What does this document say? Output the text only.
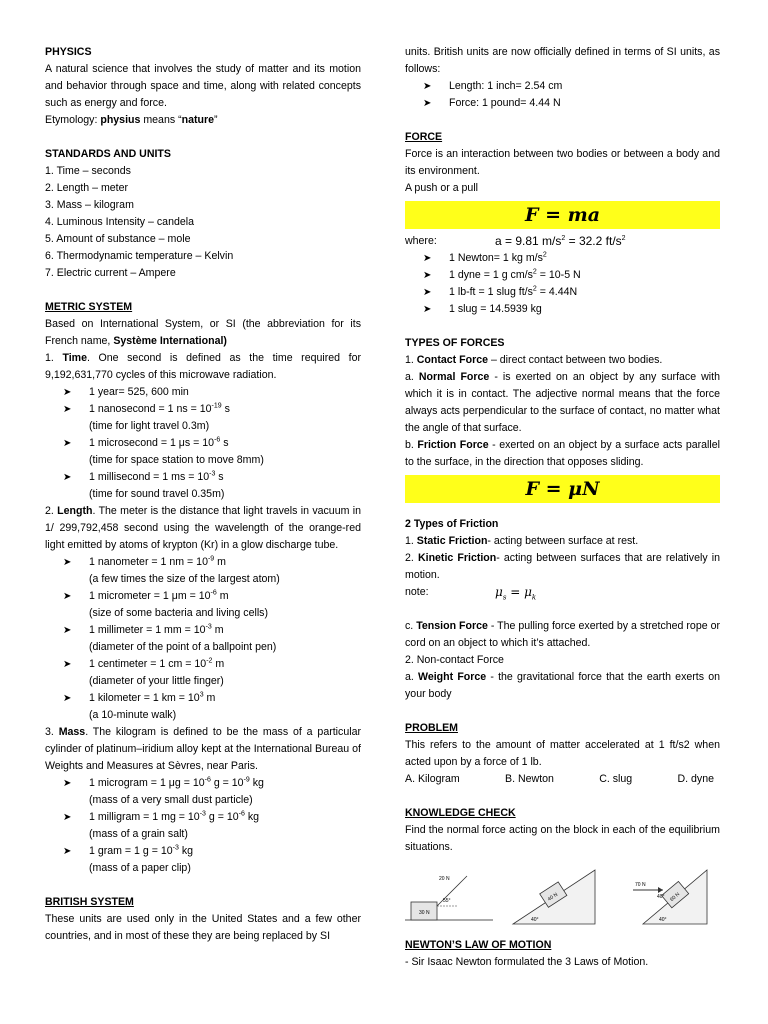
PHYSICS

A natural science that involves the study of matter and its motion and behavior through space and time, along with related concepts such as energy and force.

Etymology: physius means “nature”

STANDARDS AND UNITS

1. Time – seconds

2. Length – meter

3. Mass – kilogram

4. Luminous Intensity – candela

5. Amount of substance – mole

6. Thermodynamic temperature – Kelvin

7. Electric current – Ampere

METRIC SYSTEM

Based on International System, or SI (the abbreviation for its French name, Système International)

1. Time. One second is defined as the time required for 9,192,631,770 cycles of this microwave radiation.

➤	1 year= 525, 600 min
➤	1 nanosecond = 1 ns = $10^{-19}$ s

(time for light travel 0.3m)

➤	1 microsecond = 1 $\mu s = 10^{-6}$ s

(time for space station to move 8mm)

➤	1 millisecond = 1 ms = $10^{-3}$ s

(time for sound travel 0.35m)

2. Length. The meter is the distance that light travels in vacuum in 1/ 299,792,458 second using the wavelength of the orange-red light emitted by atoms of krypton (Kr) in a glow discharge tube.

➤	1 nanometer = 1 nm = $10^{-9}$ m

(a few times the size of the largest atom)

➤	1 micrometer = 1 $\mu m = 10^{-6}$ m

(size of some bacteria and living cells)

➤	1 millimeter = 1 mm = $10^{-3}$ m

(diameter of the point of a ballpoint pen)

➤	1 centimeter = 1 cm = $10^{-2}$ m

(diameter of your little finger)

➤	1 kilometer = 1 km = $10^3$ m

(a 10-minute walk)

3. Mass. The kilogram is defined to be the mass of a particular cylinder of platinum–iridium alloy kept at the International Bureau of Weights and Measures at Sèvres, near Paris.

➤	1 microgram = 1 $\mu g = 10^{-6}$ $g = 10^{-9}$ kg

(mass of a very small dust particle)

➤	1 milligram = 1 mg = $10^{-3}$ $g = 10^{-6}$ kg

(mass of a grain salt)

➤	1 gram = 1 $g = 10^{-3}$ kg

(mass of a paper clip)

BRITISH SYSTEM

These units are used only in the United States and a few other countries, and in most of these they are being replaced by SI

units. British units are now officially defined in terms of SI units, as follows:

➤	Length: 1 inch= 2.54 cm
➤	Force: 1 pound= 4.44 N

FORCE

Force is an interaction between two bodies or between a body and its environment.

A push or a pull

F = ma
where:	a = 9.81 $m/s^2 = 32.2$ $ft/s^2$
➤	1 Newton= 1 kg $m/s^2$
➤	1 dyne = 1 g $cm/s^2 = 10-5$ N
➤	1 lb-ft = 1 slug $ft/s^2 = 4.44N$
➤	1 slug = 14.5939 kg

TYPES OF FORCES

1. Contact Force – direct contact between two bodies.

a. Normal Force - is exerted on an object by any surface with which it is in contact. The adjective normal means that the force always acts perpendicular to the surface of contact, no matter what the angle of that surface.

b. Friction Force - exerted on an object by a surface acts parallel to the surface, in the direction that opposes sliding.

F = μN

2 Types of Friction

1. Static Friction- acting between surface at rest.

2. Kinetic Friction- acting between surfaces that are relatively in motion.

note:	$\mu_s = \mu_k$

c. Tension Force - The pulling force exerted by a stretched rope or cord on an object to which it’s attached.

2. Non-contact Force

a. Weight Force - the gravitational force that the earth exerts on your body

PROBLEM

This refers to the amount of matter accelerated at 1 ft/s2 when acted upon by a force of 1 lb.

A. Kilogram	B. Newton	C. slug	D. dyne

KNOWLEDGE CHECK

Find the normal force acting on the block in each of the equilibrium situations.

30 N
20 N
55°	40 N
40°
60 N
70 N
40°
40°

NEWTON’S LAW OF MOTION

- Sir Isaac Newton formulated the 3 Laws of Motion.
